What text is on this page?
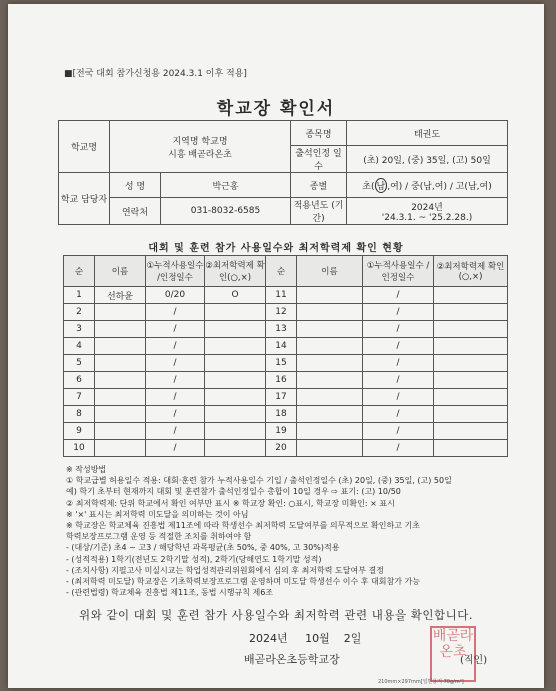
■[전국 대회 참가신청용 2024.3.1 이후 적용]
학교장 확인서
학교명	지역명 학교명
시흥 배곧라온초		종목명	태권도
			출석인정 일수	(초) 20일, (중) 35일, (고) 50일
학교 담당자	성 명	박근홍	종별	초( 남 ,여) / 중(남,여) / 고(남,여)
	연락처	031-8032-6585	적용년도 (기간)	2024년
'24.3.1. ~ '25.2.28.)
대회 및 훈련 참가 사용일수와 최저학력제 확인 현황
순	이름	①누적사용일수 /인정일수	②최저학력제 확인(○,×)	순	이름	①누적사용일수 /인정일수	②최저학력제 확인(○,×)
1	선하윤	0/20	O	11		/	
2		/		12		/	
3		/		13		/	
4		/		14		/	
5		/		15		/	
6		/		16		/	
7		/		17		/	
8		/		18		/	
9		/		19		/	
10		/		20		/	

※ 작성방법

① 학교급별 허용일수 적용: 대회·훈련 참가 누적사용일수 기입 / 출석인정일수 (초) 20일, (중) 35일, (고) 50일

예) 학기 초부터 현재까지 대회 및 훈련참가 출석인정일수 총합이 10일 경우 ⇨ 표기: (고) 10/50

② 최저학력제: 단위 학교에서 확인 여부만 표시 ※ 학교장 확인: ○표시, 학교장 미확인: × 표시

※ '×' 표시는 최저학력 미도달을 의미하는 것이 아님

※ 학교장은 학교체육 진흥법 제11조에 따라 학생선수 최저학력 도달여부를 의무적으로 확인하고 기초

학력보장프로그램 운영 등 적절한 조치를 취하여야 함

- (대상/기준) 초4 ~ 고3 / 해당학년 과목평균(초 50%, 중 40%, 고 30%)적용

- (성적적용) 1학기(전년도 2학기말 성적), 2학기(당해연도 1학기말 성적)

- (조치사항) 지필고사 미실시교는 학업성적관리위원회에서 심의 후 최저학력 도달여부 결정

- (최저학력 미도달) 학교장은 기초학력보장프로그램 운영하며 미도달 학생선수 이수 후 대회참가 가능

- (관련법령) 학교체육 진흥법 제11조, 동법 시행규칙 제6조

위와 같이 대회 및 훈련 참가 사용일수와 최저학력 관련 내용을 확인합니다.
2024년 10월 2일	배곧라온초
배곧라온초등학교장	(직인)
210mm×297mm[일반용지 70g/m²]
